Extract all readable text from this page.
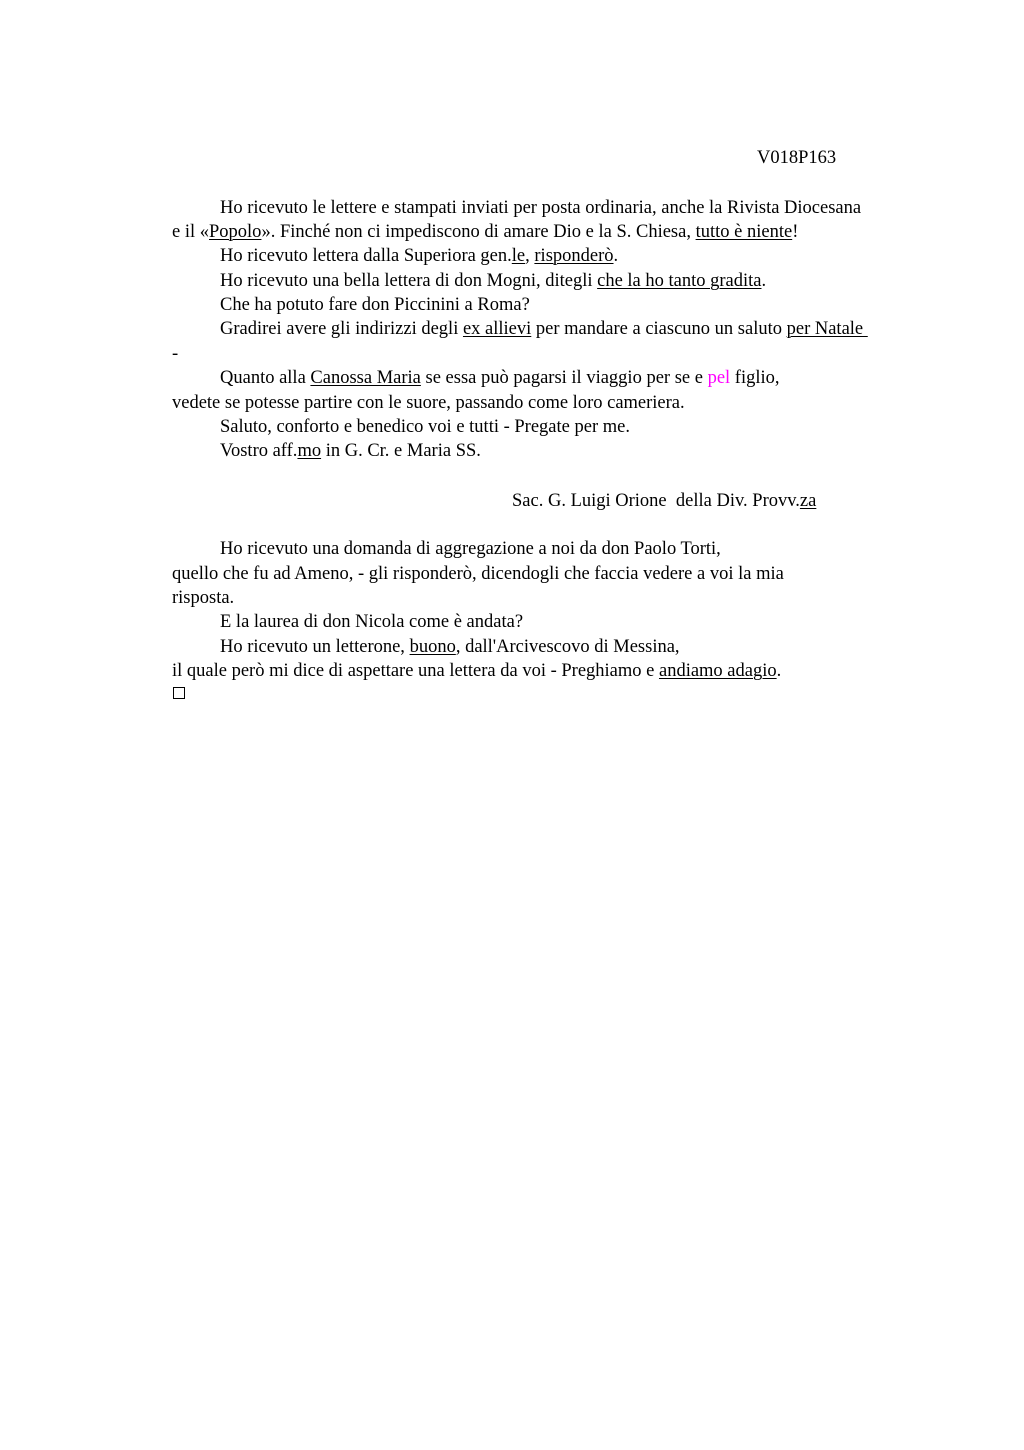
V018P163
Ho ricevuto le lettere e stampati inviati per posta ordinaria, anche la Rivista Diocesana
e il «Popolo». Finché non ci impediscono di amare Dio e la S. Chiesa, tutto è niente!
Ho ricevuto lettera dalla Superiora gen.le, risponderò.
Ho ricevuto una bella lettera di don Mogni, ditegli che la ho tanto gradita.
Che ha potuto fare don Piccinini a Roma?
Gradirei avere gli indirizzi degli ex allievi per mandare a ciascuno un saluto per Natale
-
Quanto alla Canossa Maria se essa può pagarsi il viaggio per se e pel figlio,
vedete se potesse partire con le suore, passando come loro cameriera.
Saluto, conforto e benedico voi e tutti - Pregate per me.
Vostro aff.mo in G. Cr. e Maria SS.
Sac. G. Luigi Orione  della Div. Provv.za
Ho ricevuto una domanda di aggregazione a noi da don Paolo Torti,
quello che fu ad Ameno, - gli risponderò, dicendogli che faccia vedere a voi la mia
risposta.
E la laurea di don Nicola come è andata?
Ho ricevuto un letterone, buono, dall'Arcivescovo di Messina,
il quale però mi dice di aspettare una lettera da voi - Preghiamo e andiamo adagio.
